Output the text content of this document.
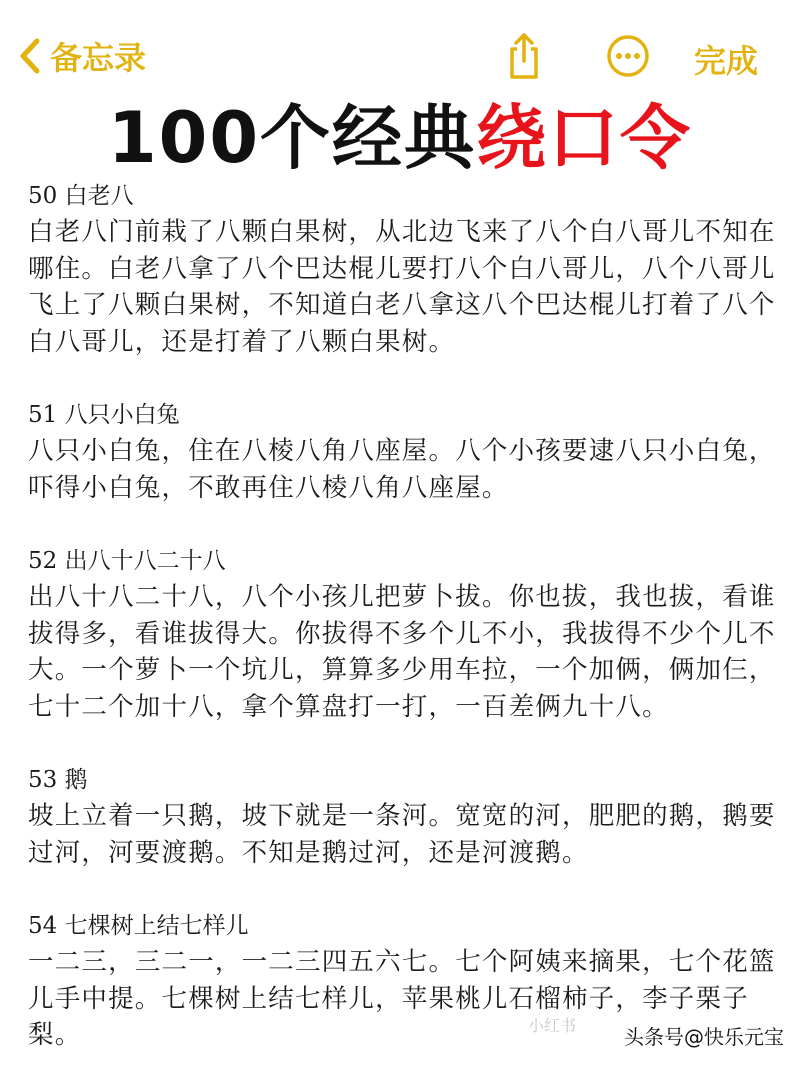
备忘录	完成
100个经典绕口令
50 白老八
白老八门前栽了八颗白果树，从北边飞来了八个白八哥儿不知在哪住。白老八拿了八个巴达棍儿要打八个白八哥儿，八个八哥儿飞上了八颗白果树，不知道白老八拿这八个巴达棍儿打着了八个白八哥儿，还是打着了八颗白果树。
51 八只小白兔
八只小白兔，住在八棱八角八座屋。八个小孩要逮八只小白兔，吓得小白兔，不敢再住八棱八角八座屋。
52 出八十八二十八
出八十八二十八，八个小孩儿把萝卜拔。你也拔，我也拔，看谁拔得多，看谁拔得大。你拔得不多个儿不小，我拔得不少个儿不大。一个萝卜一个坑儿，算算多少用车拉，一个加俩，俩加仨，七十二个加十八，拿个算盘打一打，一百差俩九十八。
53 鹅
坡上立着一只鹅，坡下就是一条河。宽宽的河，肥肥的鹅，鹅要过河，河要渡鹅。不知是鹅过河，还是河渡鹅。
54 七棵树上结七样儿
一二三，三二一，一二三四五六七。七个阿姨来摘果，七个花篮儿手中提。七棵树上结七样儿，苹果桃儿石榴柿子，李子栗子梨。	小红书 头条号@快乐元宝
